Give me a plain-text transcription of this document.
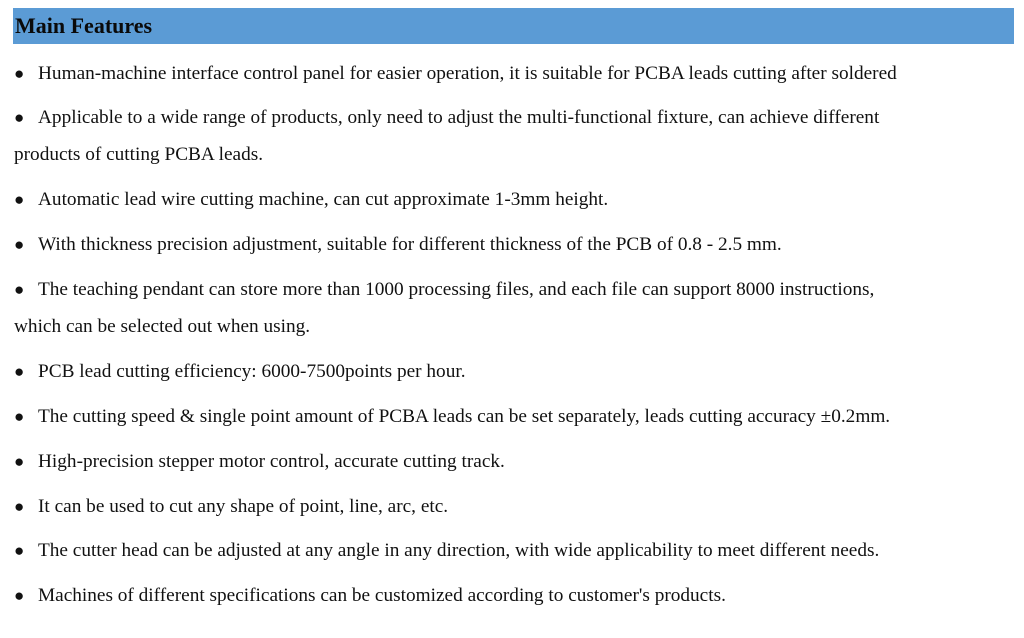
Main Features
● Human-machine interface control panel for easier operation, it is suitable for PCBA leads cutting after soldered
● Applicable to a wide range of products, only need to adjust the multi-functional fixture, can achieve different
products of cutting PCBA leads.
● Automatic lead wire cutting machine, can cut approximate 1-3mm height.
● With thickness precision adjustment, suitable for different thickness of the PCB of 0.8 - 2.5 mm.
● The teaching pendant can store more than 1000 processing files, and each file can support 8000 instructions,
which can be selected out when using.
● PCB lead cutting efficiency: 6000-7500points per hour.
● The cutting speed & single point amount of PCBA leads can be set separately, leads cutting accuracy ±0.2mm.
● High-precision stepper motor control, accurate cutting track.
● It can be used to cut any shape of point, line, arc, etc.
● The cutter head can be adjusted at any angle in any direction, with wide applicability to meet different needs.
● Machines of different specifications can be customized according to customer's products.
